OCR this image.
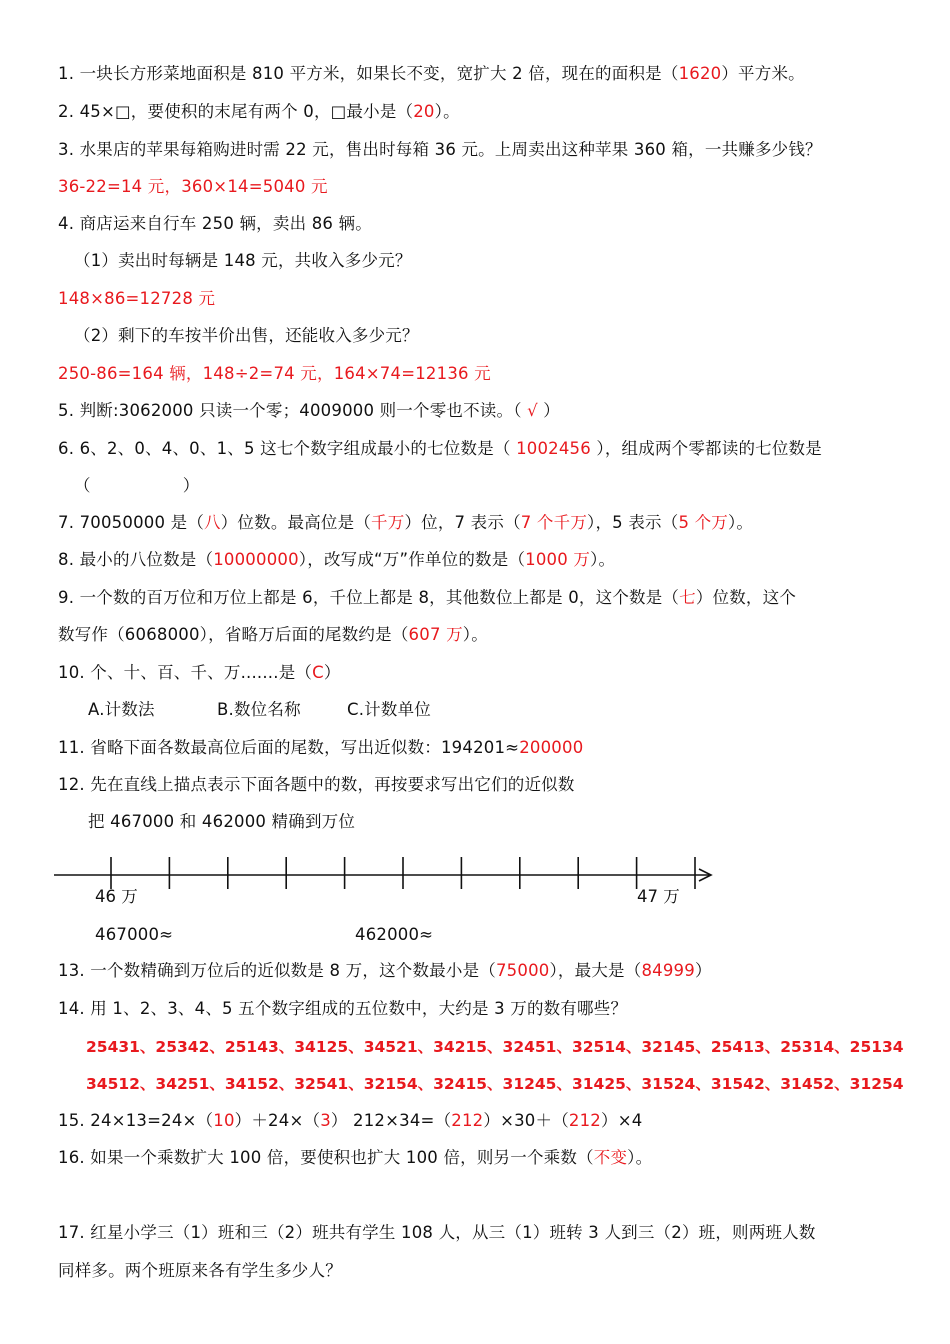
1. 一块长方形菜地面积是 810 平方米，如果长不变，宽扩大 2 倍，现在的面积是（1620）平方米。
2. 45×□，要使积的末尾有两个 0，□最小是（20）。
3. 水果店的苹果每箱购进时需 22 元，售出时每箱 36 元。上周卖出这种苹果 360 箱，一共赚多少钱？
36-22=14 元，360×14=5040 元
4. 商店运来自行车 250 辆，卖出 86 辆。
（1）卖出时每辆是 148 元，共收入多少元？
148×86=12728 元
（2）剩下的车按半价出售，还能收入多少元？
250-86=164 辆，148÷2=74 元，164×74=12136 元
5. 判断:3062000 只读一个零；4009000 则一个零也不读。（ √ ）
6. 6、2、0、4、0、1、5 这七个数字组成最小的七位数是（ 1002456 ），组成两个零都读的七位数是
（	）
7. 70050000 是（八）位数。最高位是（千万）位，7 表示（7 个千万），5 表示（5 个万）。
8. 最小的八位数是（10000000），改写成“万”作单位的数是（1000 万）。
9. 一个数的百万位和万位上都是 6，千位上都是 8，其他数位上都是 0，这个数是（七）位数，这个
数写作（6068000），省略万后面的尾数约是（607 万）。
10. 个、十、百、千、万.......是（C）
A.计数法	B.数位名称	C.计数单位
11. 省略下面各数最高位后面的尾数，写出近似数：194201≈200000
12. 先在直线上描点表示下面各题中的数，再按要求写出它们的近似数
把 467000 和 462000 精确到万位
46 万	47 万
467000≈	462000≈
13. 一个数精确到万位后的近似数是 8 万，这个数最小是（75000），最大是（84999）
14. 用 1、2、3、4、5 五个数字组成的五位数中，大约是 3 万的数有哪些？
25431、25342、25143、34125、34521、34215、32451、32514、32145、25413、25314、25134
34512、34251、34152、32541、32154、32415、31245、31425、31524、31542、31452、31254
15. 24×13=24×（10）＋24×（3） 212×34=（212）×30＋（212）×4
16. 如果一个乘数扩大 100 倍，要使积也扩大 100 倍，则另一个乘数（不变）。
17. 红星小学三（1）班和三（2）班共有学生 108 人，从三（1）班转 3 人到三（2）班，则两班人数
同样多。两个班原来各有学生多少人？
